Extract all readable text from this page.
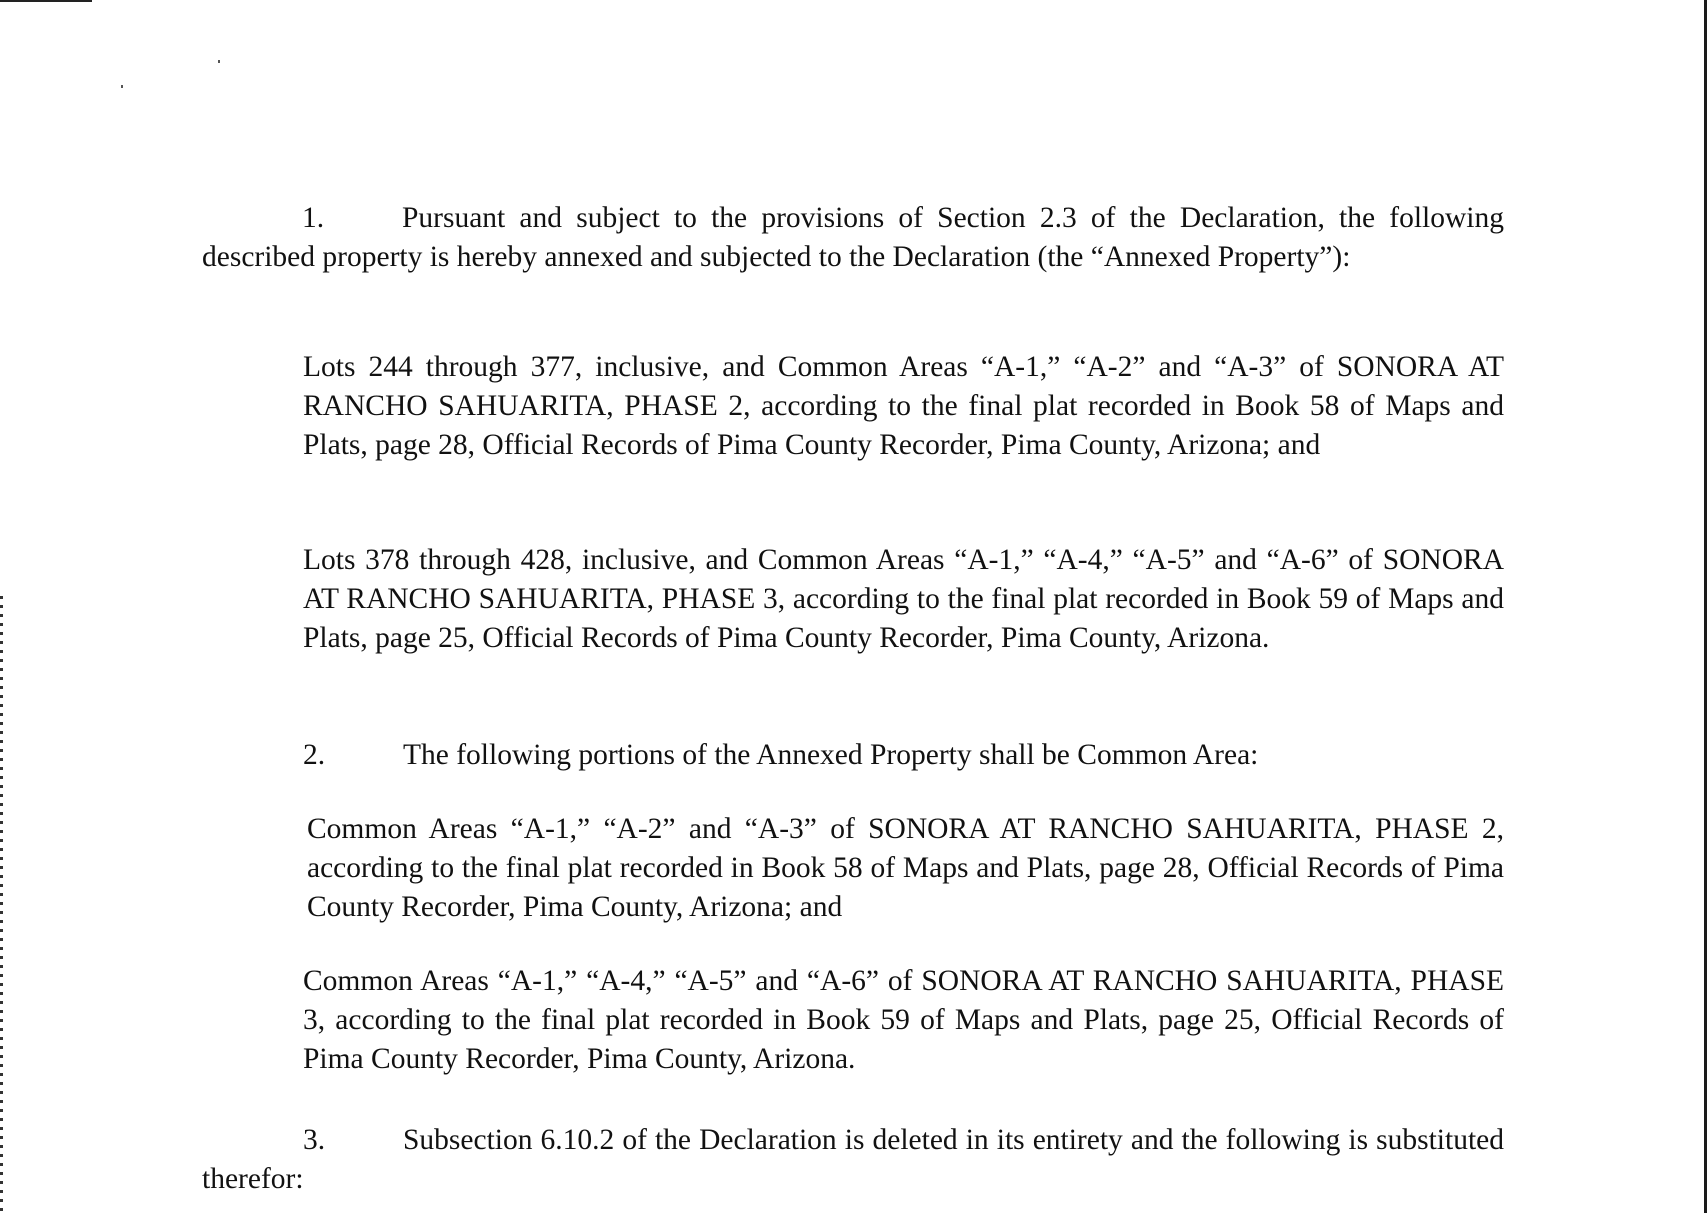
1.	Pursuant and subject to the provisions of Section 2.3 of the Declaration, the following described property is hereby annexed and subjected to the Declaration (the “Annexed Property”):

Lots 244 through 377, inclusive, and Common Areas “A-1,” “A-2” and “A-3” of SONORA AT RANCHO SAHUARITA, PHASE 2, according to the final plat recorded in Book 58 of Maps and Plats, page 28, Official Records of Pima County Recorder, Pima County, Arizona; and

Lots 378 through 428, inclusive, and Common Areas “A-1,” “A-4,” “A-5” and “A-6” of SONORA AT RANCHO SAHUARITA, PHASE 3, according to the final plat recorded in Book 59 of Maps and Plats, page 25, Official Records of Pima County Recorder, Pima County, Arizona.

2.	The following portions of the Annexed Property shall be Common Area:

Common Areas “A-1,” “A-2” and “A-3” of SONORA AT RANCHO SAHUARITA, PHASE 2, according to the final plat recorded in Book 58 of Maps and Plats, page 28, Official Records of Pima County Recorder, Pima County, Arizona; and

Common Areas “A-1,” “A-4,” “A-5” and “A-6” of SONORA AT RANCHO SAHUARITA, PHASE 3, according to the final plat recorded in Book 59 of Maps and Plats, page 25, Official Records of Pima County Recorder, Pima County, Arizona.

3.	Subsection 6.10.2 of the Declaration is deleted in its entirety and the following is substituted therefor:
